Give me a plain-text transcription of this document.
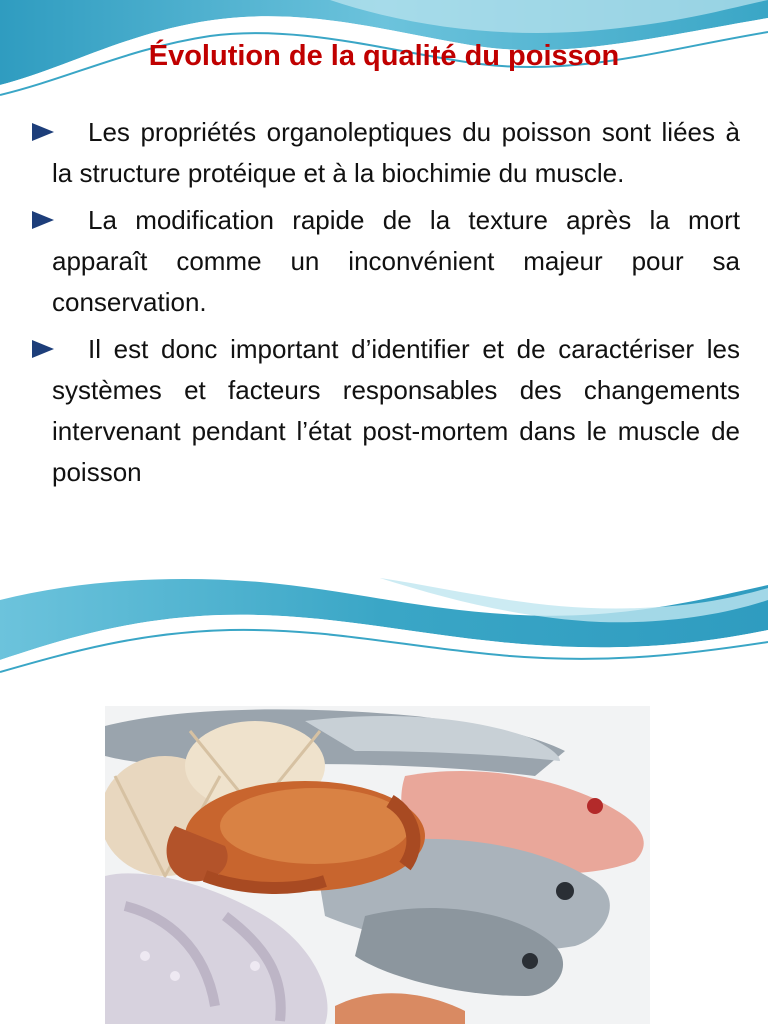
Évolution de la qualité du poisson
Les propriétés organoleptiques du poisson sont liées à la structure protéique et à la biochimie du muscle.
La modification rapide de la texture après la mort apparaît comme un inconvénient majeur pour sa conservation.
Il est donc important d’identifier et de caractériser les systèmes et facteurs responsables des changements intervenant pendant l’état post-mortem dans le muscle de poisson
